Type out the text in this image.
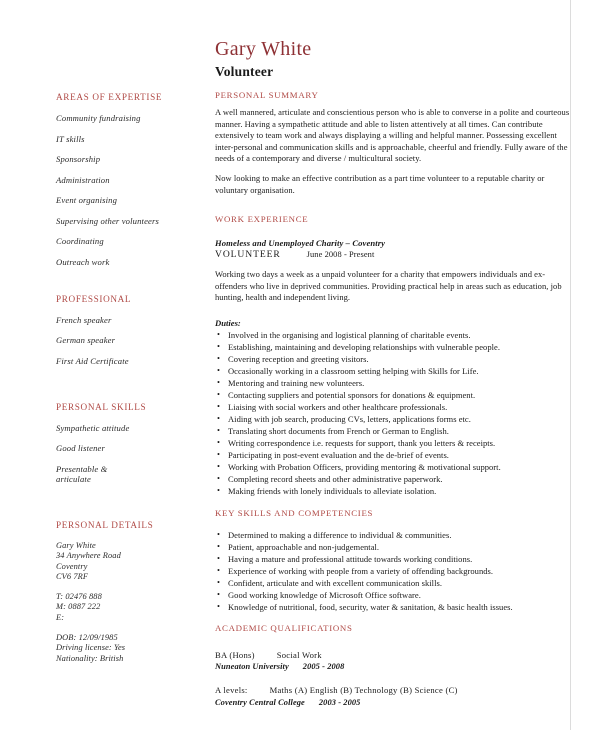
AREAS OF EXPERTISE
Community fundraising
IT skills
Sponsorship
Administration
Event organising
Supervising other volunteers
Coordinating
Outreach work
PROFESSIONAL
French speaker
German speaker
First Aid Certificate
PERSONAL SKILLS
Sympathetic attitude
Good listener
Presentable &
articulate
PERSONAL DETAILS

Gary White

34 Anywhere Road

Coventry

CV6 7RF

T: 02476 888

M: 0887 222

E:

DOB: 12/09/1985

Driving license: Yes

Nationality: British

Gary White
Volunteer
PERSONAL SUMMARY

A well mannered, articulate and conscientious person who is able to converse in a polite and courteous manner. Having a sympathetic attitude and able to listen attentively at all times. Can contribute extensively to team work and always displaying a willing and helpful manner. Possessing excellent inter-personal and communication skills and is approachable, cheerful and friendly. Fully aware of the needs of a contemporary and diverse / multicultural society.

Now looking to make an effective contribution as a part time volunteer to a reputable charity or voluntary organisation.

WORK EXPERIENCE

Homeless and Unemployed Charity – Coventry

VOLUNTEER	June 2008 - Present

Working two days a week as a unpaid volunteer for a charity that empowers individuals and ex-offenders who live in deprived communities. Providing practical help in areas such as education, job hunting, health and independent living.

Duties:

• Involved in the organising and logistical planning of charitable events.
• Establishing, maintaining and developing relationships with vulnerable people.
• Covering reception and greeting visitors.
• Occasionally working in a classroom setting helping with Skills for Life.
• Mentoring and training new volunteers.
• Contacting suppliers and potential sponsors for donations & equipment.
• Liaising with social workers and other healthcare professionals.
• Aiding with job search, producing CVs, letters, applications forms etc.
• Translating short documents from French or German to English.
• Writing correspondence i.e. requests for support, thank you letters & receipts.
• Participating in post-event evaluation and the de-brief of events.
• Working with Probation Officers, providing mentoring & motivational support.
• Completing record sheets and other administrative paperwork.
• Making friends with lonely individuals to alleviate isolation.
KEY SKILLS AND COMPETENCIES
• Determined to making a difference to individual & communities.
• Patient, approachable and non-judgemental.
• Having a mature and professional attitude towards working conditions.
• Experience of working with people from a variety of offending backgrounds.
• Confident, articulate and with excellent communication skills.
• Good working knowledge of Microsoft Office software.
• Knowledge of nutritional, food, security, water & sanitation, & basic health issues.
ACADEMIC QUALIFICATIONS
BA (Hons)	Social Work
Nuneaton University 2005 - 2008
A levels:	Maths (A) English (B) Technology (B) Science (C)
Coventry Central College 2003 - 2005
